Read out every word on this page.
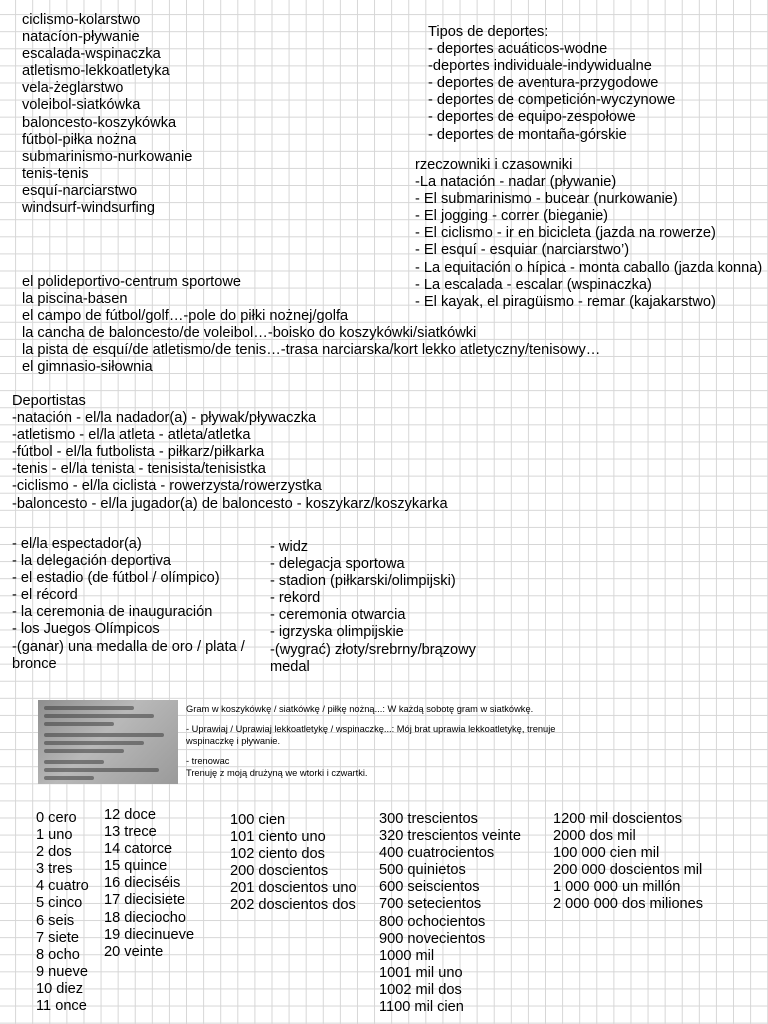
ciclismo-kolarstwo
natacíon-pływanie
escalada-wspinaczka
atletismo-lekkoatletyka
vela-żeglarstwo
voleibol-siatkówka
baloncesto-koszykówka
fútbol-piłka nożna
submarinismo-nurkowanie
tenis-tenis
esquí-narciarstwo
windsurf-windsurfing
Tipos de deportes:
- deportes acuáticos-wodne
-deportes individuale-indywidualne
- deportes de aventura-przygodowe
- deportes de competición-wyczynowe
- deportes de equipo-zespołowe
- deportes de montaña-górskie
rzeczowniki i czasowniki
-La natación - nadar (pływanie)
- El submarinismo - bucear (nurkowanie)
- El jogging - correr (bieganie)
- El ciclismo - ir en bicicleta (jazda na rowerze)
- El esquí - esquiar (narciarstwo’)
- La equitación o hípica - monta caballo (jazda konna)
- La escalada - escalar (wspinaczka)
- El kayak, el piragüismo - remar (kajakarstwo)
el polideportivo-centrum sportowe
la piscina-basen
el campo de fútbol/golf…-pole do piłki nożnej/golfa
la cancha de baloncesto/de voleibol…-boisko do koszykówki/siatkówki
la pista de esquí/de atletismo/de tenis…-trasa narciarska/kort lekko atletyczny/tenisowy…
el gimnasio-siłownia
Deportistas
-natación - el/la nadador(a) - pływak/pływaczka
-atletismo - el/la atleta - atleta/atletka
-fútbol - el/la futbolista - piłkarz/piłkarka
-tenis - el/la tenista - tenisista/tenisistka
-ciclismo - el/la ciclista - rowerzysta/rowerzystka
-baloncesto - el/la jugador(a) de baloncesto - koszykarz/koszykarka
- el/la espectador(a)
- la delegación deportiva
- el estadio (de fútbol / olímpico)
- el récord
- la ceremonia de inauguración
- los Juegos Olímpicos
-(ganar) una medalla de oro / plata / bronce
- widz
- delegacja sportowa
- stadion (piłkarski/olimpijski)
- rekord
- ceremonia otwarcia
- igrzyska olimpijskie
-(wygrać) złoty/srebrny/brązowy medal
Gram w koszykówkę / siatkówkę / piłkę nożną...: W każdą sobotę gram w siatkówkę.
- Uprawiaj / Uprawiaj lekkoatletykę / wspinaczkę...: Mój brat uprawia lekkoatletykę, trenuje wspinaczkę i pływanie.
- trenowac
Trenuję z moją drużyną we wtorki i czwartki.
0 cero
1 uno
2 dos
3 tres
4 cuatro
5 cinco
6 seis
7 siete
8 ocho
9 nueve
10 diez
11 once
12 doce
13 trece
14 catorce
15 quince
16 dieciséis
17 diecisiete
18 dieciocho
19 diecinueve
20 veinte
100 cien
101 ciento uno
102 ciento dos
200 doscientos
201 doscientos uno
202 doscientos dos
300 trescientos
320 trescientos veinte
400 cuatrocientos
500 quinietos
600 seiscientos
700 setecientos
800 ochocientos
900 novecientos
1000 mil
1001 mil uno
1002 mil dos
1100 mil cien
1200 mil doscientos
2000 dos mil
100 000 cien mil
200 000 doscientos mil
1 000 000 un millón
2 000 000 dos miliones
